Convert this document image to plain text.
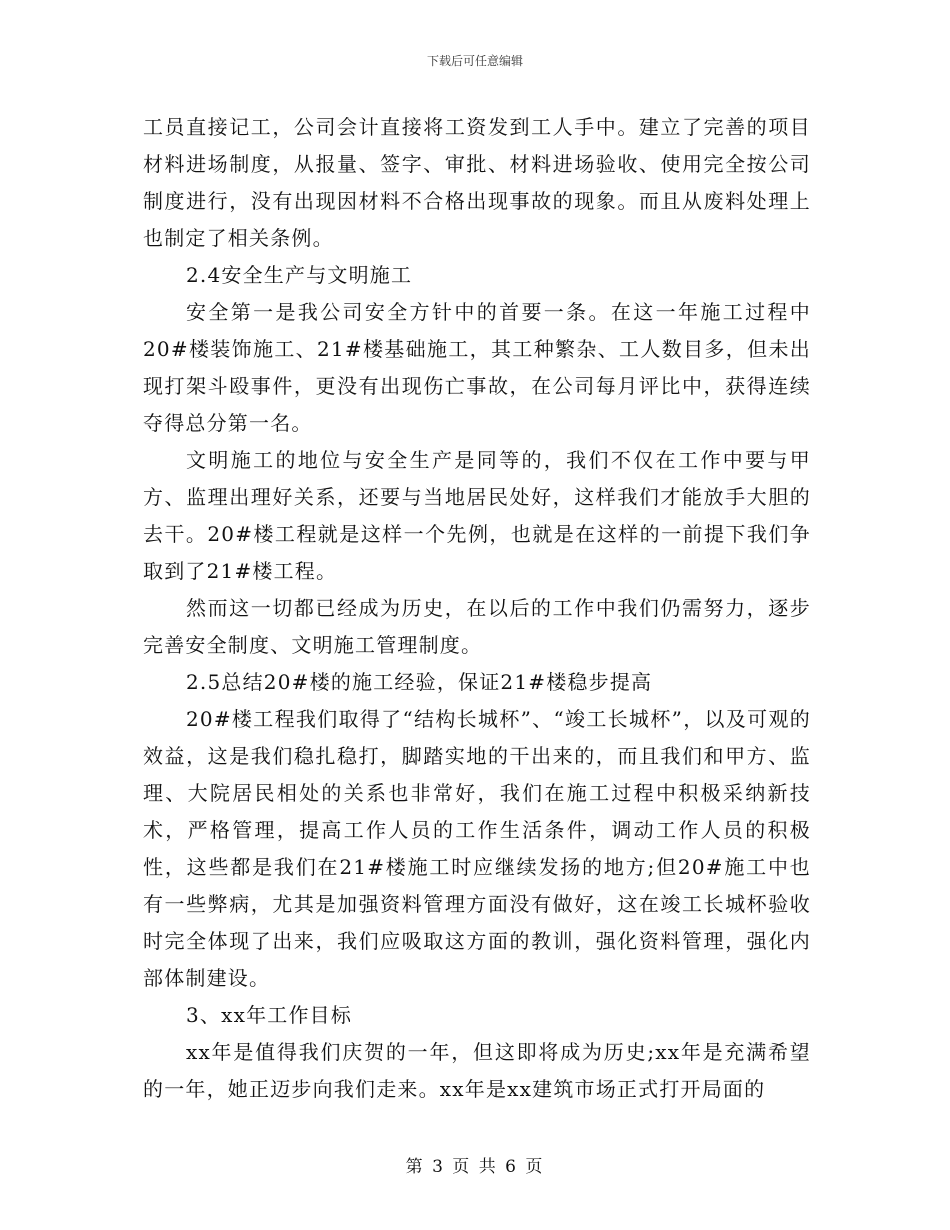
下载后可任意编辑

工员直接记工，公司会计直接将工资发到工人手中。建立了完善的项目材料进场制度，从报量、签字、审批、材料进场验收、使用完全按公司制度进行，没有出现因材料不合格出现事故的现象。而且从废料处理上也制定了相关条例。

2.4安全生产与文明施工

安全第一是我公司安全方针中的首要一条。在这一年施工过程中20#楼装饰施工、21#楼基础施工，其工种繁杂、工人数目多，但未出现打架斗殴事件，更没有出现伤亡事故，在公司每月评比中，获得连续夺得总分第一名。

文明施工的地位与安全生产是同等的，我们不仅在工作中要与甲方、监理出理好关系，还要与当地居民处好，这样我们才能放手大胆的去干。20#楼工程就是这样一个先例，也就是在这样的一前提下我们争取到了21#楼工程。

然而这一切都已经成为历史，在以后的工作中我们仍需努力，逐步完善安全制度、文明施工管理制度。

2.5总结20#楼的施工经验，保证21#楼稳步提高

20#楼工程我们取得了“结构长城杯”、“竣工长城杯”，以及可观的效益，这是我们稳扎稳打，脚踏实地的干出来的，而且我们和甲方、监理、大院居民相处的关系也非常好，我们在施工过程中积极采纳新技术，严格管理，提高工作人员的工作生活条件，调动工作人员的积极性，这些都是我们在21#楼施工时应继续发扬的地方;但20#施工中也有一些弊病，尤其是加强资料管理方面没有做好，这在竣工长城杯验收时完全体现了出来，我们应吸取这方面的教训，强化资料管理，强化内部体制建设。

3、xx年工作目标

xx年是值得我们庆贺的一年，但这即将成为历史;xx年是充满希望的一年，她正迈步向我们走来。xx年是xx建筑市场正式打开局面的

第 3 页 共 6 页
